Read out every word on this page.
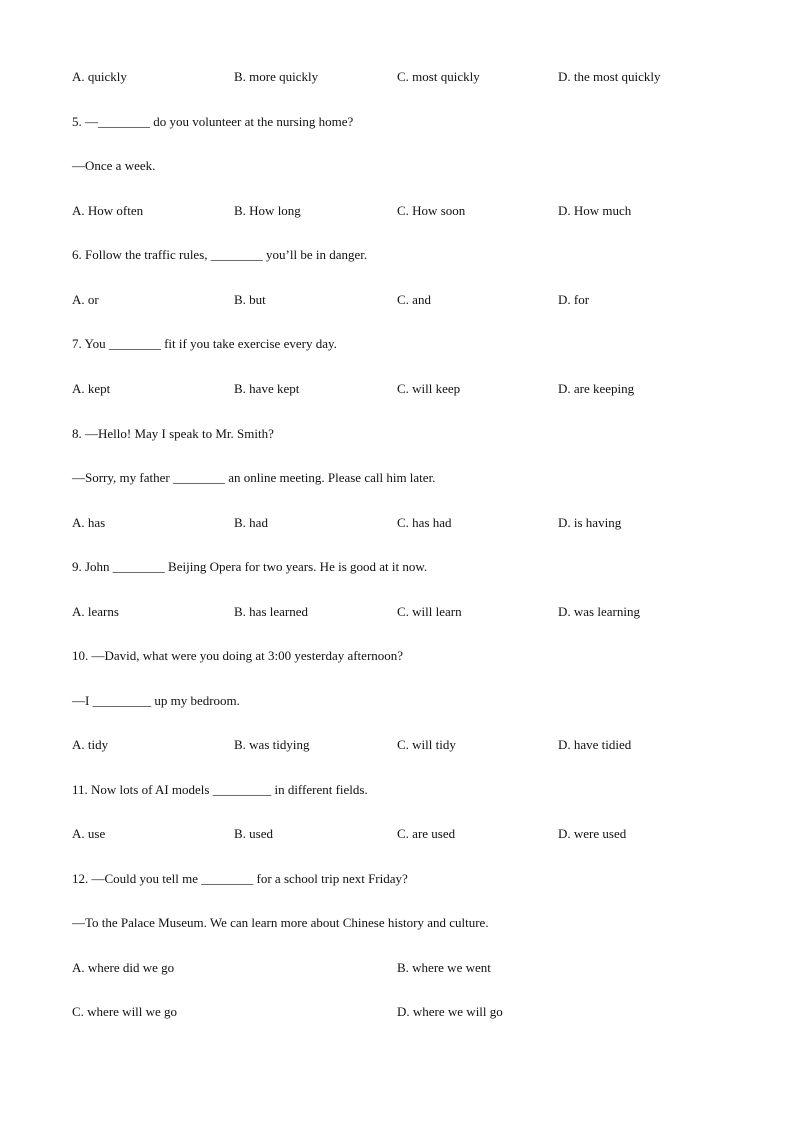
A. quickly	B. more quickly	C. most quickly	D. the most quickly
5. —________ do you volunteer at the nursing home?
—Once a week.
A. How often	B. How long	C. How soon	D. How much
6. Follow the traffic rules, ________ you’ll be in danger.
A. or	B. but	C. and	D. for
7. You ________ fit if you take exercise every day.
A. kept	B. have kept	C. will keep	D. are keeping
8. —Hello! May I speak to Mr. Smith?
—Sorry, my father ________ an online meeting. Please call him later.
A. has	B. had	C. has had	D. is having
9. John ________ Beijing Opera for two years. He is good at it now.
A. learns	B. has learned	C. will learn	D. was learning
10. —David, what were you doing at 3:00 yesterday afternoon?
—I _________ up my bedroom.
A. tidy	B. was tidying	C. will tidy	D. have tidied
11. Now lots of AI models _________ in different fields.
A. use	B. used	C. are used	D. were used
12. —Could you tell me ________ for a school trip next Friday?
—To the Palace Museum. We can learn more about Chinese history and culture.
A. where did we go	B. where we went
C. where will we go	D. where we will go
